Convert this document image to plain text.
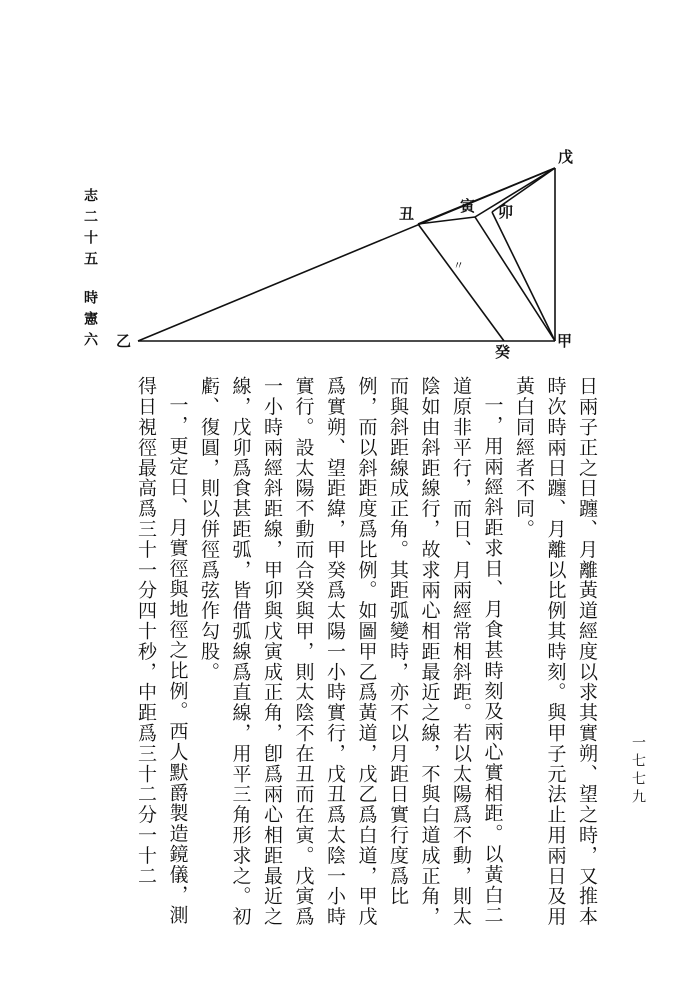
戊
丑	寅 卯
乙
癸
甲
〃
志二十五
時憲六

日兩子正之日躔、月離黃道經度以求其實朔、望之時，又推本時次時兩日躔、月離以比例其時刻。與甲子元法止用兩日及用黃白同經者不同。

一，用兩經斜距求日、月食甚時刻及兩心實相距。以黃白二道原非平行，而日、月兩經常相斜距。若以太陽爲不動，則太陰如由斜距線行，故求兩心相距最近之線，不與白道成正角，而與斜距線成正角。其距弧變時，亦不以月距日實行度爲比例，而以斜距度爲比例。如圖甲乙爲黃道，戊乙爲白道，甲戊爲實朔、望距緯，甲癸爲太陽一小時實行，戊丑爲太陰一小時實行。設太陽不動而合癸與甲，則太陰不在丑而在寅。戊寅爲一小時兩經斜距線，甲卯與戊寅成正角，卽爲兩心相距最近之線，戊卯爲食甚距弧，皆借弧線爲直線，用平三角形求之。初虧、復圓，則以併徑爲弦作勾股。

一，更定日、月實徑與地徑之比例。西人默爵製造鏡儀，測得日視徑最高爲三十一分四十秒，中距爲三十二分一十二	一七七九
